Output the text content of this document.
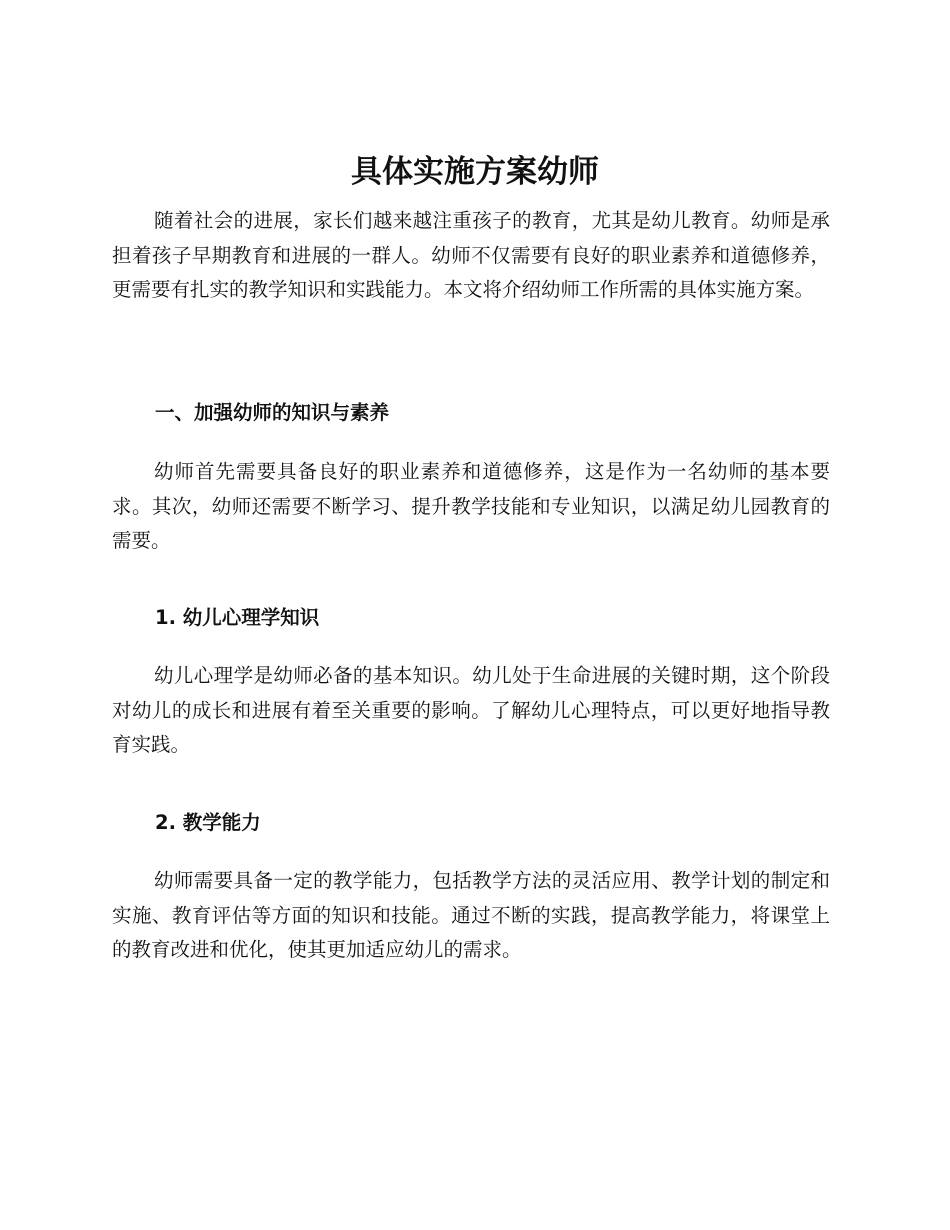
具体实施方案幼师

随着社会的进展，家长们越来越注重孩子的教育，尤其是幼儿教育。幼师是承担着孩子早期教育和进展的一群人。幼师不仅需要有良好的职业素养和道德修养，更需要有扎实的教学知识和实践能力。本文将介绍幼师工作所需的具体实施方案。

一、加强幼师的知识与素养

幼师首先需要具备良好的职业素养和道德修养，这是作为一名幼师的基本要求。其次，幼师还需要不断学习、提升教学技能和专业知识，以满足幼儿园教育的需要。

1. 幼儿心理学知识

幼儿心理学是幼师必备的基本知识。幼儿处于生命进展的关键时期，这个阶段对幼儿的成长和进展有着至关重要的影响。了解幼儿心理特点，可以更好地指导教育实践。

2. 教学能力

幼师需要具备一定的教学能力，包括教学方法的灵活应用、教学计划的制定和实施、教育评估等方面的知识和技能。通过不断的实践，提高教学能力，将课堂上的教育改进和优化，使其更加适应幼儿的需求。
